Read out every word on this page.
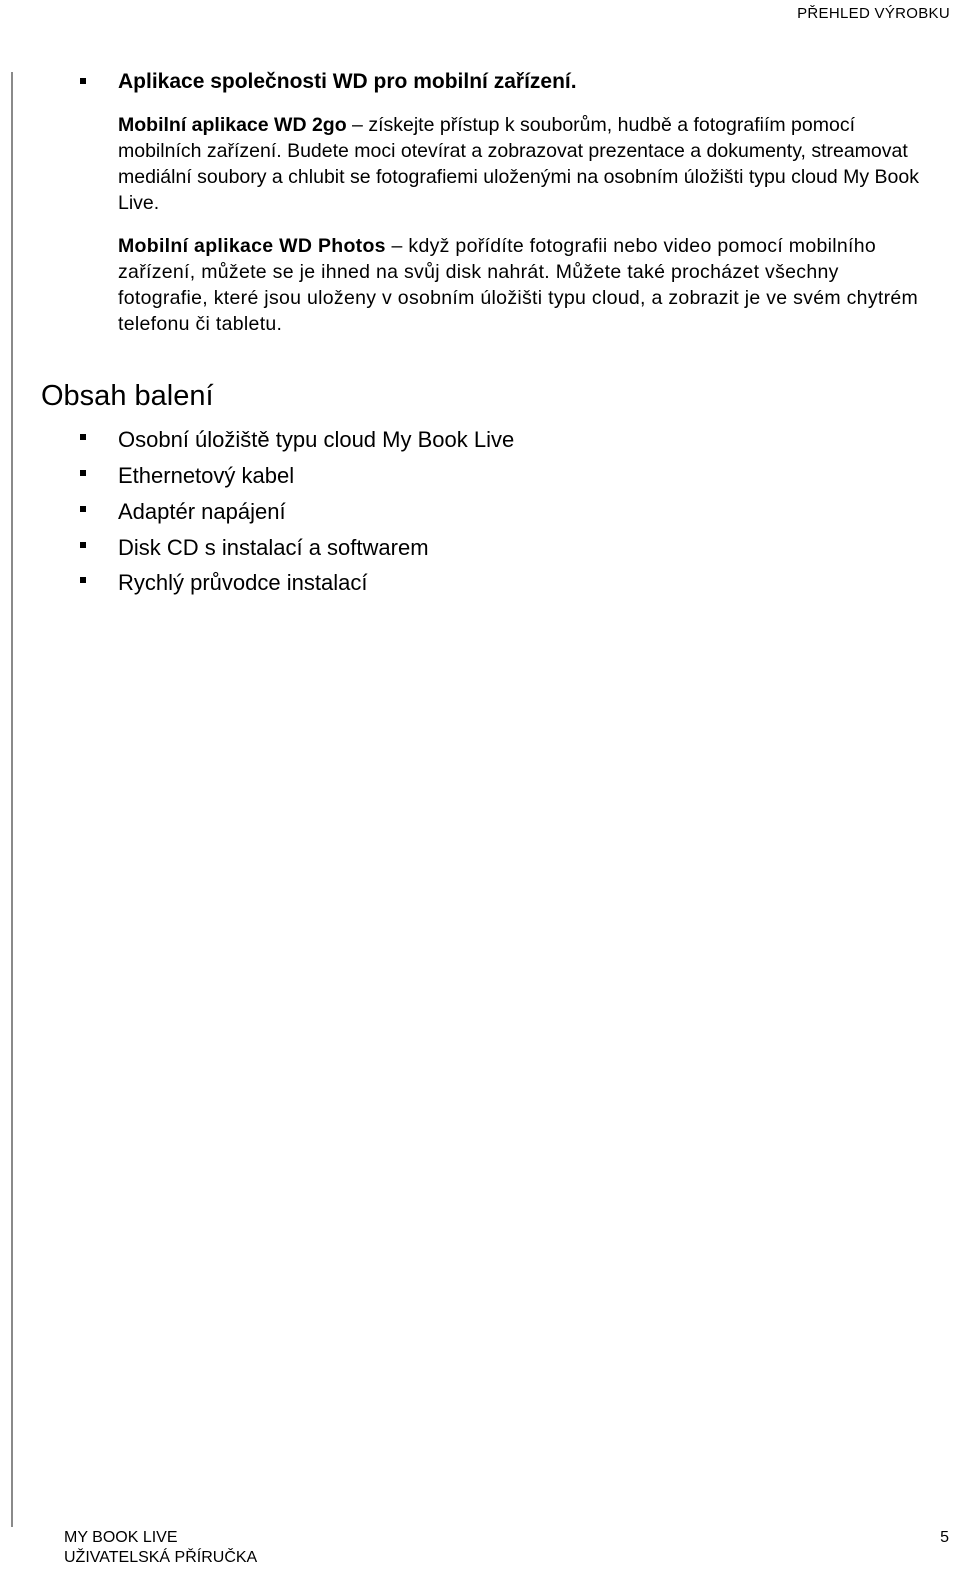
PŘEHLED VÝROBKU
Aplikace společnosti WD pro mobilní zařízení.

Mobilní aplikace WD 2go – získejte přístup k souborům, hudbě a fotografiím pomocí mobilních zařízení. Budete moci otevírat a zobrazovat prezentace a dokumenty, streamovat mediální soubory a chlubit se fotografiemi uloženými na osobním úložišti typu cloud My Book Live.

Mobilní aplikace WD Photos – když pořídíte fotografii nebo video pomocí mobilního zařízení, můžete se je ihned na svůj disk nahrát. Můžete také procházet všechny fotografie, které jsou uloženy v osobním úložišti typu cloud, a zobrazit je ve svém chytrém telefonu či tabletu.

Obsah balení
Osobní úložiště typu cloud My Book Live
Ethernetový kabel
Adaptér napájení
Disk CD s instalací a softwarem
Rychlý průvodce instalací
MY BOOK LIVE
UŽIVATELSKÁ PŘÍRUČKA
5
